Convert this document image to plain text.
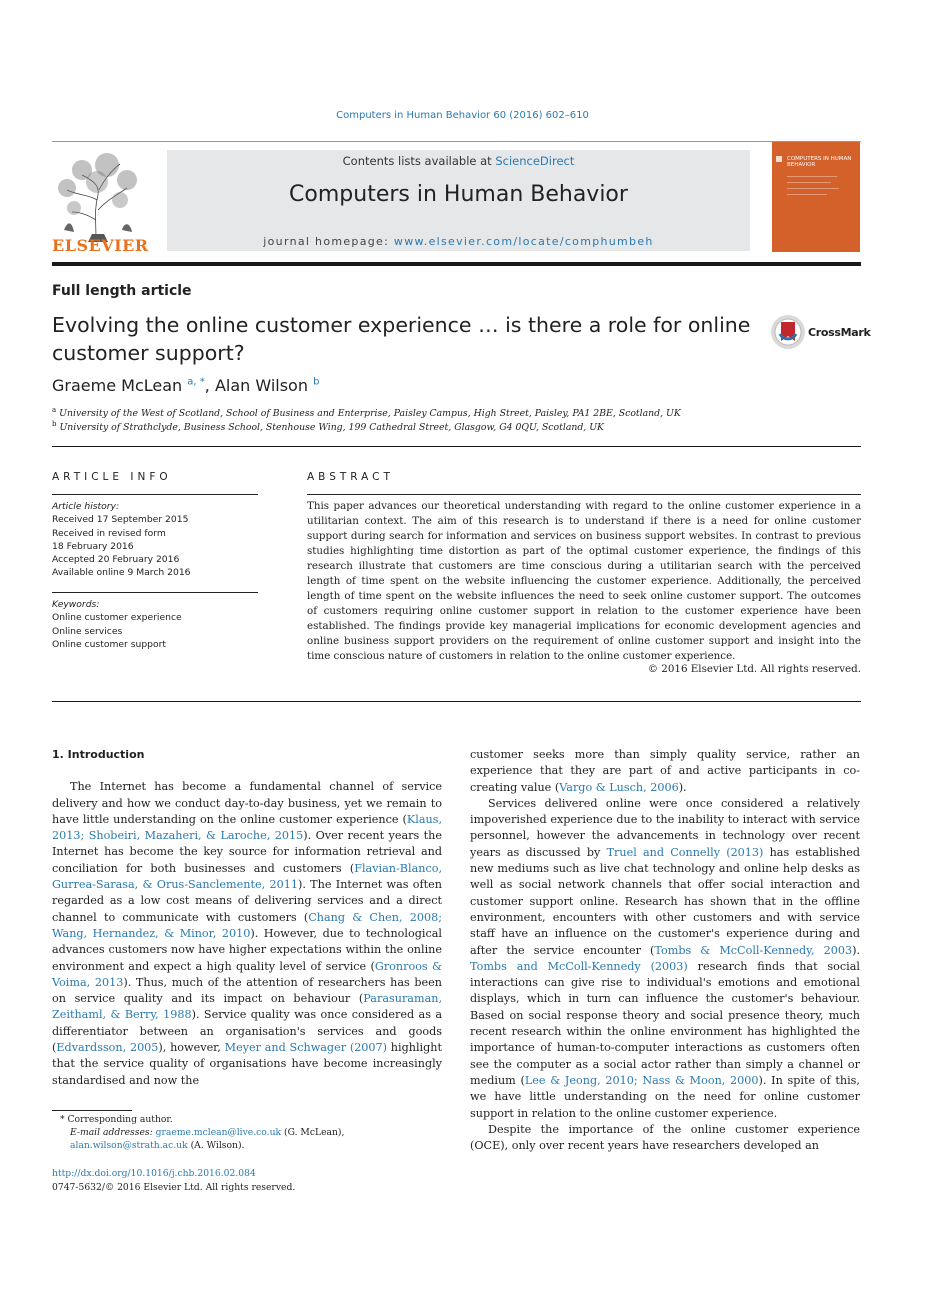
Computers in Human Behavior 60 (2016) 602–610
ELSEVIER
Contents lists available at ScienceDirect
Computers in Human Behavior
journal homepage: www.elsevier.com/locate/comphumbeh
COMPUTERS IN HUMAN BEHAVIOR
Full length article
Evolving the online customer experience … is there a role for online customer support?
CrossMark
Graeme McLean $^{a, *}$, Alan Wilson $^b$
$^a$ University of the West of Scotland, School of Business and Enterprise, Paisley Campus, High Street, Paisley, PA1 2BE, Scotland, UK
$^b$ University of Strathclyde, Business School, Stenhouse Wing, 199 Cathedral Street, Glasgow, G4 0QU, Scotland, UK
ARTICLE INFO
Article history:
Received 17 September 2015
Received in revised form
18 February 2016
Accepted 20 February 2016
Available online 9 March 2016
Keywords:
Online customer experience
Online services
Online customer support
ABSTRACT
This paper advances our theoretical understanding with regard to the online customer experience in a utilitarian context. The aim of this research is to understand if there is a need for online customer support during search for information and services on business support websites. In contrast to previous studies highlighting time distortion as part of the optimal customer experience, the findings of this research illustrate that customers are time conscious during a utilitarian search with the perceived length of time spent on the website influencing the customer experience. Additionally, the perceived length of time spent on the website influences the need to seek online customer support. The outcomes of customers requiring online customer support in relation to the customer experience have been established. The findings provide key managerial implications for economic development agencies and online business support providers on the requirement of online customer support and insight into the time conscious nature of customers in relation to the online customer experience.
© 2016 Elsevier Ltd. All rights reserved.
1. Introduction

The Internet has become a fundamental channel of service delivery and how we conduct day-to-day business, yet we remain to have little understanding on the online customer experience (Klaus, 2013; Shobeiri, Mazaheri, & Laroche, 2015). Over recent years the Internet has become the key source for information retrieval and conciliation for both businesses and customers (Flavian-Blanco, Gurrea-Sarasa, & Orus-Sanclemente, 2011). The Internet was often regarded as a low cost means of delivering services and a direct channel to communicate with customers (Chang & Chen, 2008; Wang, Hernandez, & Minor, 2010). However, due to technological advances customers now have higher expectations within the online environment and expect a high quality level of service (Gronroos & Voima, 2013). Thus, much of the attention of researchers has been on service quality and its impact on behaviour (Parasuraman, Zeithaml, & Berry, 1988). Service quality was once considered as a differentiator between an organisation's services and goods (Edvardsson, 2005), however, Meyer and Schwager (2007) highlight that the service quality of organisations have become increasingly standardised and now the

customer seeks more than simply quality service, rather an experience that they are part of and active participants in co-creating value (Vargo & Lusch, 2006).

Services delivered online were once considered a relatively impoverished experience due to the inability to interact with service personnel, however the advancements in technology over recent years as discussed by Truel and Connelly (2013) has established new mediums such as live chat technology and online help desks as well as social network channels that offer social interaction and customer support online. Research has shown that in the offline environment, encounters with other customers and with service staff have an influence on the customer's experience during and after the service encounter (Tombs & McColl-Kennedy, 2003). Tombs and McColl-Kennedy (2003) research finds that social interactions can give rise to individual's emotions and emotional displays, which in turn can influence the customer's behaviour. Based on social response theory and social presence theory, much recent research within the online environment has highlighted the importance of human-to-computer interactions as customers often see the computer as a social actor rather than simply a channel or medium (Lee & Jeong, 2010; Nass & Moon, 2000). In spite of this, we have little understanding on the need for online customer support in relation to the online customer experience.

Despite the importance of the online customer experience (OCE), only over recent years have researchers developed an

* Corresponding author.
E-mail addresses: graeme.mclean@live.co.uk (G. McLean), alan.wilson@strath.ac.uk (A. Wilson).
http://dx.doi.org/10.1016/j.chb.2016.02.084
0747-5632/© 2016 Elsevier Ltd. All rights reserved.
